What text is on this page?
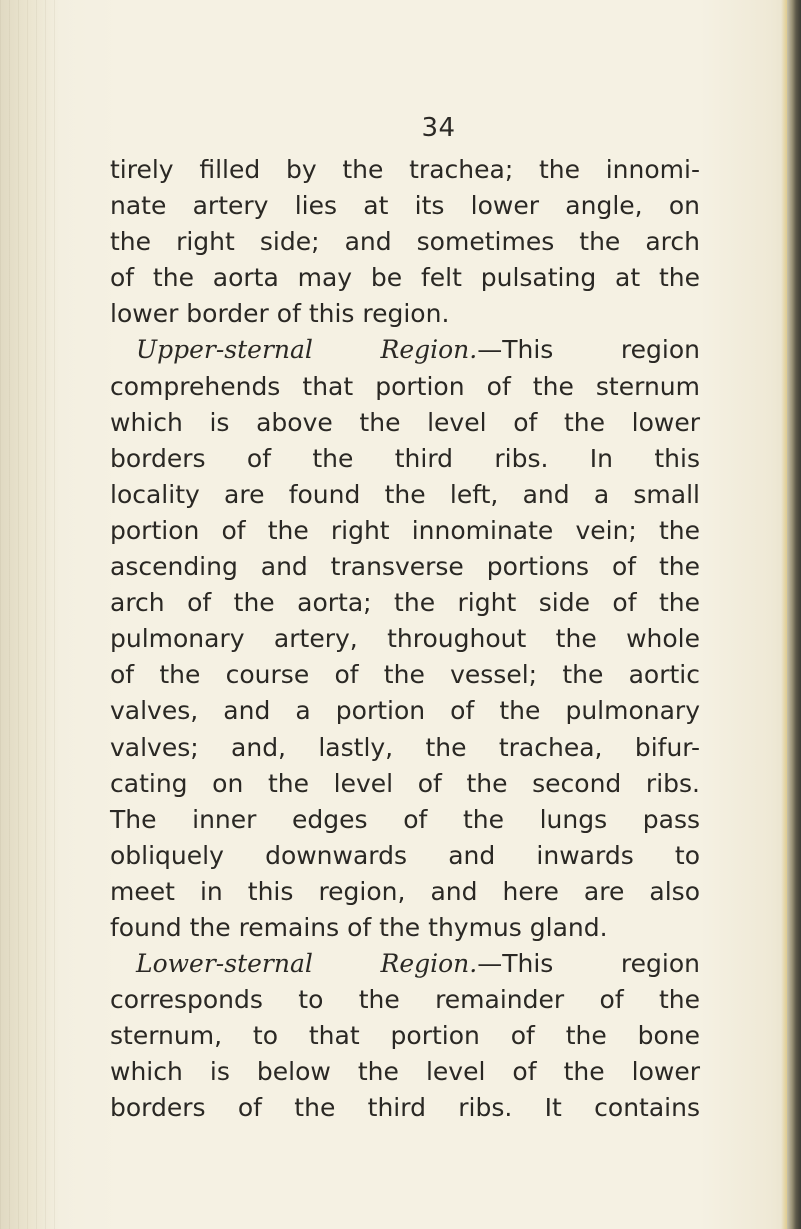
34
tirely filled by the trachea; the innomi-
nate artery lies at its lower angle, on
the right side; and sometimes the arch
of the aorta may be felt pulsating at the
lower border of this region.
Upper-sternal Region.—This region
comprehends that portion of the sternum
which is above the level of the lower
borders of the third ribs. In this
locality are found the left, and a small
portion of the right innominate vein; the
ascending and transverse portions of the
arch of the aorta; the right side of the
pulmonary artery, throughout the whole
of the course of the vessel; the aortic
valves, and a portion of the pulmonary
valves; and, lastly, the trachea, bifur-
cating on the level of the second ribs.
The inner edges of the lungs pass
obliquely downwards and inwards to
meet in this region, and here are also
found the remains of the thymus gland.
Lower-sternal Region.—This region
corresponds to the remainder of the
sternum, to that portion of the bone
which is below the level of the lower
borders of the third ribs. It contains
